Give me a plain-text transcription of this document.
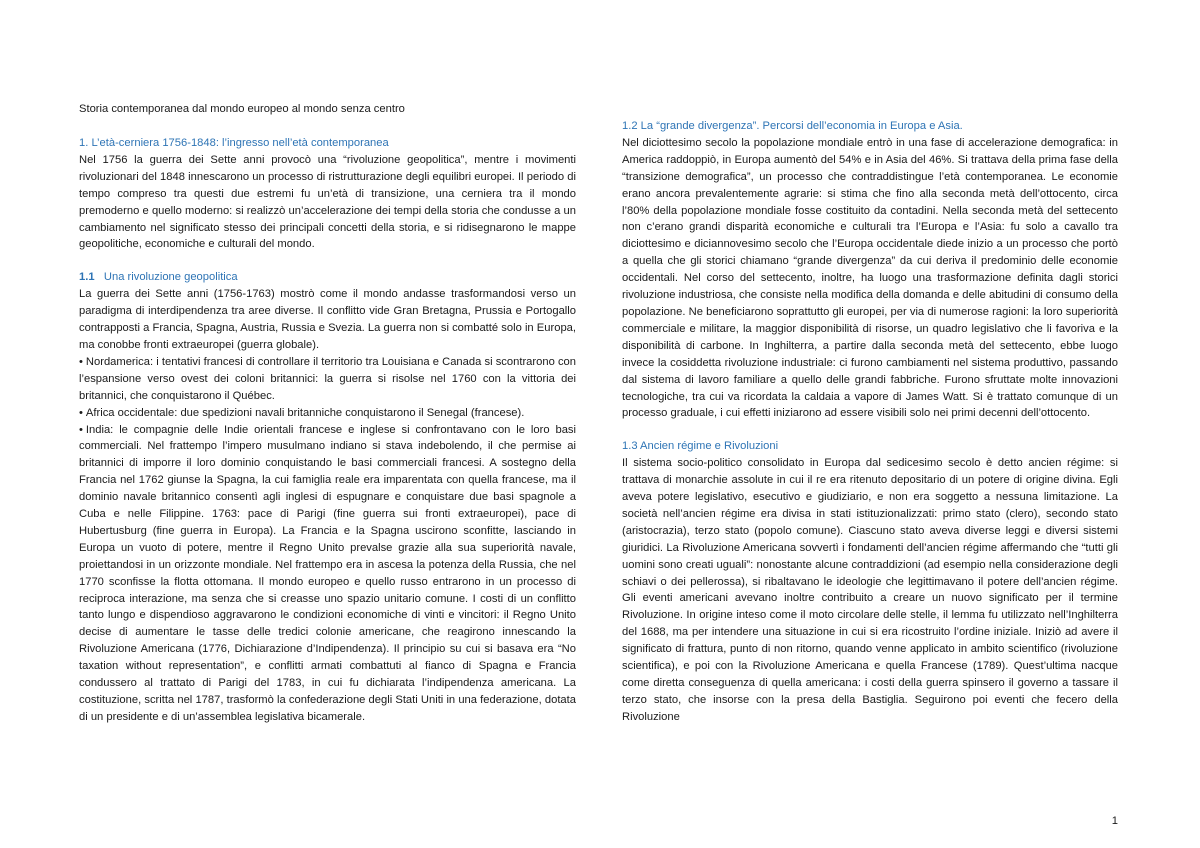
Storia contemporanea dal mondo europeo al mondo senza centro

1. L’età-cerniera 1756-1848: l’ingresso nell’età contemporanea

Nel 1756 la guerra dei Sette anni provocò una “rivoluzione geopolitica”, mentre i movimenti rivoluzionari del 1848 innescarono un processo di ristrutturazione degli equilibri europei. Il periodo di tempo compreso tra questi due estremi fu un’età di transizione, una cerniera tra il mondo premoderno e quello moderno: si realizzò un’accelerazione dei tempi della storia che condusse a un cambiamento nel significato stesso dei principali concetti della storia, e si ridisegnarono le mappe geopolitiche, economiche e culturali del mondo.

1.1 Una rivoluzione geopolitica

La guerra dei Sette anni (1756-1763) mostrò come il mondo andasse trasformandosi verso un paradigma di interdipendenza tra aree diverse. Il conflitto vide Gran Bretagna, Prussia e Portogallo contrapposti a Francia, Spagna, Austria, Russia e Svezia. La guerra non si combatté solo in Europa, ma conobbe fronti extraeuropei (guerra globale).

• Nordamerica: i tentativi francesi di controllare il territorio tra Louisiana e Canada si scontrarono con l’espansione verso ovest dei coloni britannici: la guerra si risolse nel 1760 con la vittoria dei britannici, che conquistarono il Québec.

• Africa occidentale: due spedizioni navali britanniche conquistarono il Senegal (francese).

• India: le compagnie delle Indie orientali francese e inglese si confrontavano con le loro basi commerciali. Nel frattempo l’impero musulmano indiano si stava indebolendo, il che permise ai britannici di imporre il loro dominio conquistando le basi commerciali francesi. A sostegno della Francia nel 1762 giunse la Spagna, la cui famiglia reale era imparentata con quella francese, ma il dominio navale britannico consentì agli inglesi di espugnare e conquistare due basi spagnole a Cuba e nelle Filippine. 1763: pace di Parigi (fine guerra sui fronti extraeuropei), pace di Hubertusburg (fine guerra in Europa). La Francia e la Spagna uscirono sconfitte, lasciando in Europa un vuoto di potere, mentre il Regno Unito prevalse grazie alla sua superiorità navale, proiettandosi in un orizzonte mondiale. Nel frattempo era in ascesa la potenza della Russia, che nel 1770 sconfisse la flotta ottomana. Il mondo europeo e quello russo entrarono in un processo di reciproca interazione, ma senza che si creasse uno spazio unitario comune. I costi di un conflitto tanto lungo e dispendioso aggravarono le condizioni economiche di vinti e vincitori: il Regno Unito decise di aumentare le tasse delle tredici colonie americane, che reagirono innescando la Rivoluzione Americana (1776, Dichiarazione d’Indipendenza). Il principio su cui si basava era “No taxation without representation”, e conflitti armati combattuti al fianco di Spagna e Francia condussero al trattato di Parigi del 1783, in cui fu dichiarata l’indipendenza americana. La costituzione, scritta nel 1787, trasformò la confederazione degli Stati Uniti in una federazione, dotata di un presidente e di un’assemblea legislativa bicamerale.

1.2 La “grande divergenza”. Percorsi dell’economia in Europa e Asia.

Nel diciottesimo secolo la popolazione mondiale entrò in una fase di accelerazione demografica: in America raddoppiò, in Europa aumentò del 54% e in Asia del 46%. Si trattava della prima fase della “transizione demografica”, un processo che contraddistingue l’età contemporanea. Le economie erano ancora prevalentemente agrarie: si stima che fino alla seconda metà dell’ottocento, circa l’80% della popolazione mondiale fosse costituito da contadini. Nella seconda metà del settecento non c’erano grandi disparità economiche e culturali tra l’Europa e l’Asia: fu solo a cavallo tra diciottesimo e diciannovesimo secolo che l’Europa occidentale diede inizio a un processo che portò a quella che gli storici chiamano “grande divergenza” da cui deriva il predominio delle economie occidentali. Nel corso del settecento, inoltre, ha luogo una trasformazione definita dagli storici rivoluzione industriosa, che consiste nella modifica della domanda e delle abitudini di consumo della popolazione. Ne beneficiarono soprattutto gli europei, per via di numerose ragioni: la loro superiorità commerciale e militare, la maggior disponibilità di risorse, un quadro legislativo che li favoriva e la disponibilità di carbone. In Inghilterra, a partire dalla seconda metà del settecento, ebbe luogo invece la cosiddetta rivoluzione industriale: ci furono cambiamenti nel sistema produttivo, passando dal sistema di lavoro familiare a quello delle grandi fabbriche. Furono sfruttate molte innovazioni tecnologiche, tra cui va ricordata la caldaia a vapore di James Watt. Si è trattato comunque di un processo graduale, i cui effetti iniziarono ad essere visibili solo nei primi decenni dell’ottocento.

1.3 Ancien régime e Rivoluzioni

Il sistema socio-politico consolidato in Europa dal sedicesimo secolo è detto ancien régime: si trattava di monarchie assolute in cui il re era ritenuto depositario di un potere di origine divina. Egli aveva potere legislativo, esecutivo e giudiziario, e non era soggetto a nessuna limitazione. La società nell’ancien régime era divisa in stati istituzionalizzati: primo stato (clero), secondo stato (aristocrazia), terzo stato (popolo comune). Ciascuno stato aveva diverse leggi e diversi sistemi giuridici. La Rivoluzione Americana sovvertì i fondamenti dell’ancien régime affermando che “tutti gli uomini sono creati uguali”: nonostante alcune contraddizioni (ad esempio nella considerazione degli schiavi o dei pellerossa), si ribaltavano le ideologie che legittimavano il potere dell’ancien régime. Gli eventi americani avevano inoltre contribuito a creare un nuovo significato per il termine Rivoluzione. In origine inteso come il moto circolare delle stelle, il lemma fu utilizzato nell’Inghilterra del 1688, ma per intendere una situazione in cui si era ricostruito l’ordine iniziale. Iniziò ad avere il significato di frattura, punto di non ritorno, quando venne applicato in ambito scientifico (rivoluzione scientifica), e poi con la Rivoluzione Americana e quella Francese (1789). Quest’ultima nacque come diretta conseguenza di quella americana: i costi della guerra spinsero il governo a tassare il terzo stato, che insorse con la presa della Bastiglia. Seguirono poi eventi che fecero della Rivoluzione

1
